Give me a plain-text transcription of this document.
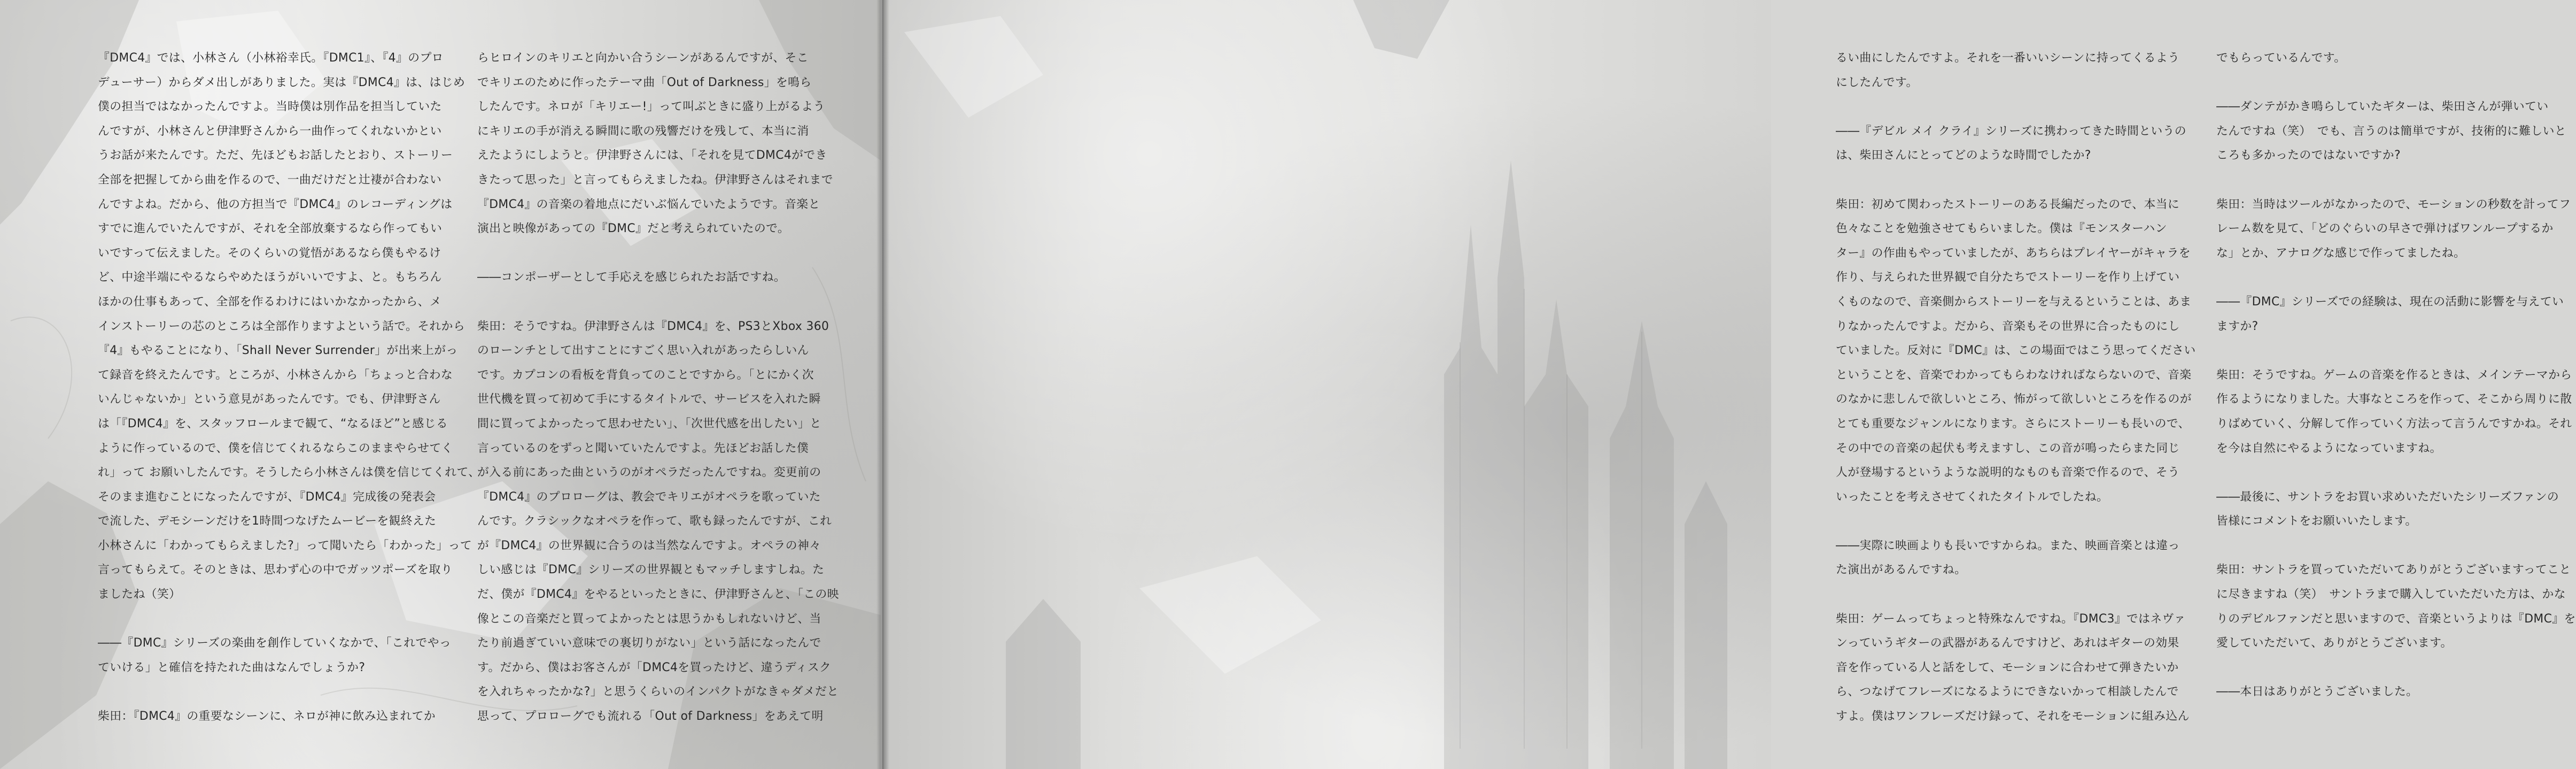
『DMC4』では、小林さん（小林裕幸氏。『DMC1』、『4』のプロ
デューサー）からダメ出しがありました。実は『DMC4』は、はじめ
僕の担当ではなかったんですよ。当時僕は別作品を担当していた
んですが、小林さんと伊津野さんから一曲作ってくれないかとい
うお話が来たんです。ただ、先ほどもお話したとおり、ストーリー
全部を把握してから曲を作るので、一曲だけだと辻褄が合わない
んですよね。だから、他の方担当で『DMC4』のレコーディングは
すでに進んでいたんですが、それを全部放棄するなら作ってもい
いですって伝えました。そのくらいの覚悟があるなら僕もやるけ
ど、中途半端にやるならやめたほうがいいですよ、と。もちろん
ほかの仕事もあって、全部を作るわけにはいかなかったから、メ
インストーリーの芯のところは全部作りますよという話で。それから
『4』もやることになり、「Shall Never Surrender」が出来上がっ
て録音を終えたんです。ところが、小林さんから「ちょっと合わな
いんじゃないか」という意見があったんです。でも、伊津野さん
は「『DMC4』を、スタッフロールまで観て、“なるほど”と感じる
ように作っているので、僕を信じてくれるならこのままやらせてく
れ」って お願いしたんです。そうしたら小林さんは僕を信じてくれて、
そのまま進むことになったんですが、『DMC4』完成後の発表会
で流した、デモシーンだけを1時間つなげたムービーを観終えた
小林さんに「わかってもらえました?」って聞いたら「わかった」って
言ってもらえて。そのときは、思わず心の中でガッツポーズを取り
ましたね（笑）
――『DMC』シリーズの楽曲を創作していくなかで、「これでやっ
ていける」と確信を持たれた曲はなんでしょうか?
柴田：『DMC4』の重要なシーンに、ネロが神に飲み込まれてか
らヒロインのキリエと向かい合うシーンがあるんですが、そこ
でキリエのために作ったテーマ曲「Out of Darkness」を鳴ら
したんです。ネロが「キリエー!」って叫ぶときに盛り上がるよう
にキリエの手が消える瞬間に歌の残響だけを残して、本当に消
えたようにしようと。伊津野さんには、「それを見てDMC4ができ
きたって思った」と言ってもらえましたね。伊津野さんはそれまで
『DMC4』の音楽の着地点にだいぶ悩んでいたようです。音楽と
演出と映像があっての『DMC』だと考えられていたので。
――コンポーザーとして手応えを感じられたお話ですね。
柴田：そうですね。伊津野さんは『DMC4』を、PS3とXbox 360
のローンチとして出すことにすごく思い入れがあったらしいん
です。カプコンの看板を背負ってのことですから。「とにかく次
世代機を買って初めて手にするタイトルで、サービスを入れた瞬
間に買ってよかったって思わせたい」、「次世代感を出したい」と
言っているのをずっと聞いていたんですよ。先ほどお話した僕
が入る前にあった曲というのがオペラだったんですね。変更前の
『DMC4』のプロローグは、教会でキリエがオペラを歌っていた
んです。クラシックなオペラを作って、歌も録ったんですが、これ
が『DMC4』の世界観に合うのは当然なんですよ。オペラの神々
しい感じは『DMC』シリーズの世界観ともマッチしますしね。た
だ、僕が『DMC4』をやるといったときに、伊津野さんと、「この映
像とこの音楽だと買ってよかったとは思うかもしれないけど、当
たり前過ぎていい意味での裏切りがない」という話になったんで
す。だから、僕はお客さんが「DMC4を買ったけど、違うディスク
を入れちゃったかな?」と思うくらいのインパクトがなきゃダメだと
思って、プロローグでも流れる「Out of Darkness」をあえて明
るい曲にしたんですよ。それを一番いいシーンに持ってくるよう
にしたんです。
――『デビル メイ クライ』シリーズに携わってきた時間というの
は、柴田さんにとってどのような時間でしたか?
柴田：初めて関わったストーリーのある長編だったので、本当に
色々なことを勉強させてもらいました。僕は『モンスターハン
ター』の作曲もやっていましたが、あちらはプレイヤーがキャラを
作り、与えられた世界観で自分たちでストーリーを作り上げてい
くものなので、音楽側からストーリーを与えるということは、あま
りなかったんですよ。だから、音楽もその世界に合ったものにし
ていました。反対に『DMC』は、この場面ではこう思ってください
ということを、音楽でわかってもらわなければならないので、音楽
のなかに悲しんで欲しいところ、怖がって欲しいところを作るのが
とても重要なジャンルになります。さらにストーリーも長いので、
その中での音楽の起伏も考えますし、この音が鳴ったらまた同じ
人が登場するというような説明的なものも音楽で作るので、そう
いったことを考えさせてくれたタイトルでしたね。
――実際に映画よりも長いですからね。また、映画音楽とは違っ
た演出があるんですね。
柴田：ゲームってちょっと特殊なんですね。『DMC3』ではネヴァ
ンっていうギターの武器があるんですけど、あれはギターの効果
音を作っている人と話をして、モーションに合わせて弾きたいか
ら、つなげてフレーズになるようにできないかって相談したんで
すよ。僕はワンフレーズだけ録って、それをモーションに組み込ん
でもらっているんです。
――ダンテがかき鳴らしていたギターは、柴田さんが弾いてい
たんですね（笑）　でも、言うのは簡単ですが、技術的に難しいと
ころも多かったのではないですか?
柴田：当時はツールがなかったので、モーションの秒数を計ってフ
レーム数を見て、「どのぐらいの早さで弾けばワンループするか
な」とか、アナログな感じで作ってましたね。
――『DMC』シリーズでの経験は、現在の活動に影響を与えてい
ますか?
柴田：そうですね。ゲームの音楽を作るときは、メインテーマから
作るようになりました。大事なところを作って、そこから周りに散
りばめていく、分解して作っていく方法って言うんですかね。それ
を今は自然にやるようになっていますね。
――最後に、サントラをお買い求めいただいたシリーズファンの
皆様にコメントをお願いいたします。
柴田：サントラを買っていただいてありがとうございますってこと
に尽きますね（笑）　サントラまで購入していただいた方は、かな
りのデビルファンだと思いますので、音楽というよりは『DMC』を
愛していただいて、ありがとうございます。
――本日はありがとうございました。
